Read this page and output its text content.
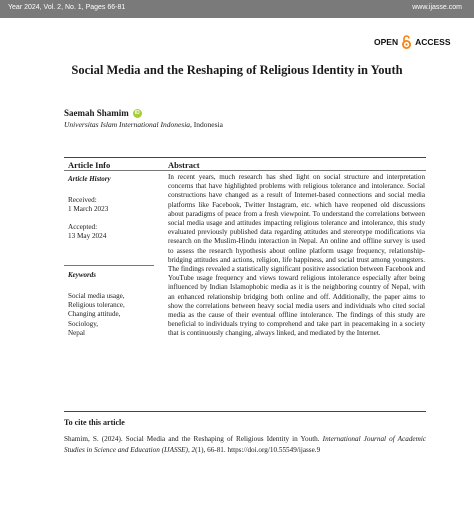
Year 2024, Vol. 2, No. 1, Pages 66-81	www.ijasse.com
OPEN ACCESS
Social Media and the Reshaping of Religious Identity in Youth
Saemah Shamim	iD
Universitas Islam International Indonesia, Indonesia
Article Info	Abstract
Article History
Received:
1 March 2023
Accepted:
13 May 2024
Keywords
Social media usage,
Religious tolerance,
Changing attitude,
Sociology,
Nepal
In recent years, much research has shed light on social structure and interpretation concerns that have highlighted problems with religious tolerance and intolerance. Social constructions have changed as a result of Internet-based connections and social media platforms like Facebook, Twitter Instagram, etc. which have reopened old discussions about paradigms of peace from a fresh viewpoint. To understand the correlations between social media usage and attitudes impacting religious tolerance and intolerance, this study evaluated previously published data regarding attitudes and stereotype modifications via research on the Muslim-Hindu interaction in Nepal. An online and offline survey is used to assess the research hypothesis about online platform usage frequency, relationship-bridging attitudes and actions, religion, life happiness, and social trust among youngsters. The findings revealed a statistically significant positive association between Facebook and YouTube usage frequency and views toward religious intolerance especially after being influenced by Indian Islamophobic media as it is the neighboring country of Nepal, with an enhanced relationship bridging both online and off. Additionally, the paper aims to show the correlations between heavy social media users and individuals who cited social media as the cause of their eventual offline intolerance. The findings of this study are beneficial to individuals trying to comprehend and take part in peacemaking in a society that is continuously changing, always linked, and mediated by the Internet.
To cite this article
Shamim, S. (2024). Social Media and the Reshaping of Religious Identity in Youth. International Journal of Academic Studies in Science and Education (IJASSE), 2(1), 66-81. https://doi.org/10.55549/ijasse.9
